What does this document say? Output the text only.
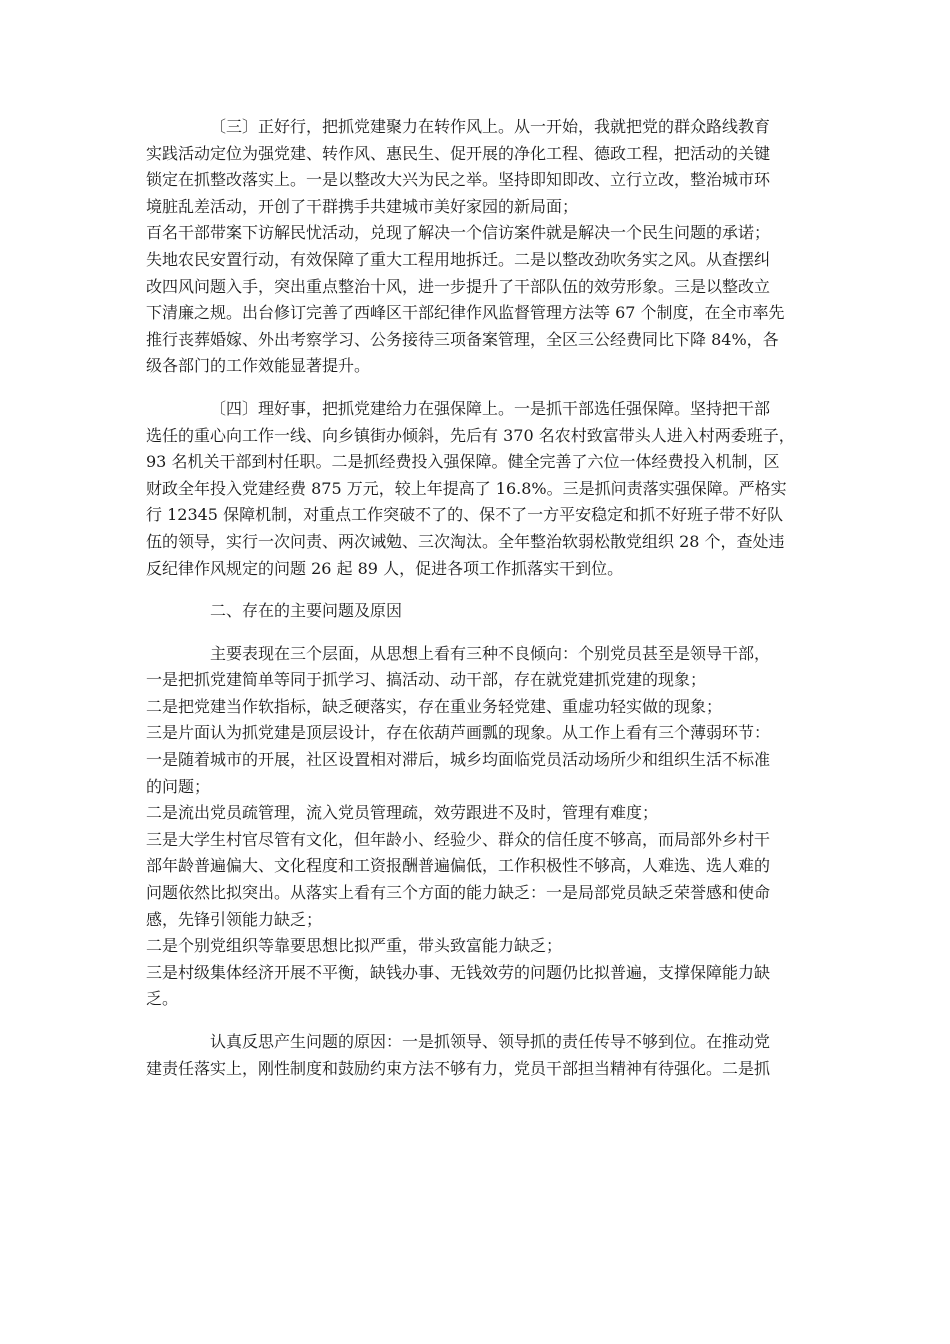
〔三〕正好行，把抓党建聚力在转作风上。从一开始，我就把党的群众路线教育
实践活动定位为强党建、转作风、惠民生、促开展的净化工程、德政工程，把活动的关键
锁定在抓整改落实上。一是以整改大兴为民之举。坚持即知即改、立行立改，整治城市环
境脏乱差活动，开创了干群携手共建城市美好家园的新局面；
百名干部带案下访解民忧活动，兑现了解决一个信访案件就是解决一个民生问题的承诺；
失地农民安置行动，有效保障了重大工程用地拆迁。二是以整改劲吹务实之风。从查摆纠
改四风问题入手，突出重点整治十风，进一步提升了干部队伍的效劳形象。三是以整改立
下清廉之规。出台修订完善了西峰区干部纪律作风监督管理方法等 67 个制度，在全市率先
推行丧葬婚嫁、外出考察学习、公务接待三项备案管理，全区三公经费同比下降 84%，各
级各部门的工作效能显著提升。
〔四〕理好事，把抓党建给力在强保障上。一是抓干部选任强保障。坚持把干部
选任的重心向工作一线、向乡镇街办倾斜，先后有 370 名农村致富带头人进入村两委班子，
93 名机关干部到村任职。二是抓经费投入强保障。健全完善了六位一体经费投入机制，区
财政全年投入党建经费 875 万元，较上年提高了 16.8%。三是抓问责落实强保障。严格实
行 12345 保障机制，对重点工作突破不了的、保不了一方平安稳定和抓不好班子带不好队
伍的领导，实行一次问责、两次诫勉、三次淘汰。全年整治软弱松散党组织 28 个，查处违
反纪律作风规定的问题 26 起 89 人，促进各项工作抓落实干到位。
二、存在的主要问题及原因
主要表现在三个层面，从思想上看有三种不良倾向：个别党员甚至是领导干部，
一是把抓党建简单等同于抓学习、搞活动、动干部，存在就党建抓党建的现象；
二是把党建当作软指标，缺乏硬落实，存在重业务轻党建、重虚功轻实做的现象；
三是片面认为抓党建是顶层设计，存在依葫芦画瓢的现象。从工作上看有三个薄弱环节：
一是随着城市的开展，社区设置相对滞后，城乡均面临党员活动场所少和组织生活不标准
的问题；
二是流出党员疏管理，流入党员管理疏，效劳跟进不及时，管理有难度；
三是大学生村官尽管有文化，但年龄小、经验少、群众的信任度不够高，而局部外乡村干
部年龄普遍偏大、文化程度和工资报酬普遍偏低，工作积极性不够高，人难选、选人难的
问题依然比拟突出。从落实上看有三个方面的能力缺乏：一是局部党员缺乏荣誉感和使命
感，先锋引领能力缺乏；
二是个别党组织等靠要思想比拟严重，带头致富能力缺乏；
三是村级集体经济开展不平衡，缺钱办事、无钱效劳的问题仍比拟普遍，支撑保障能力缺
乏。
认真反思产生问题的原因：一是抓领导、领导抓的责任传导不够到位。在推动党
建责任落实上，刚性制度和鼓励约束方法不够有力，党员干部担当精神有待强化。二是抓
